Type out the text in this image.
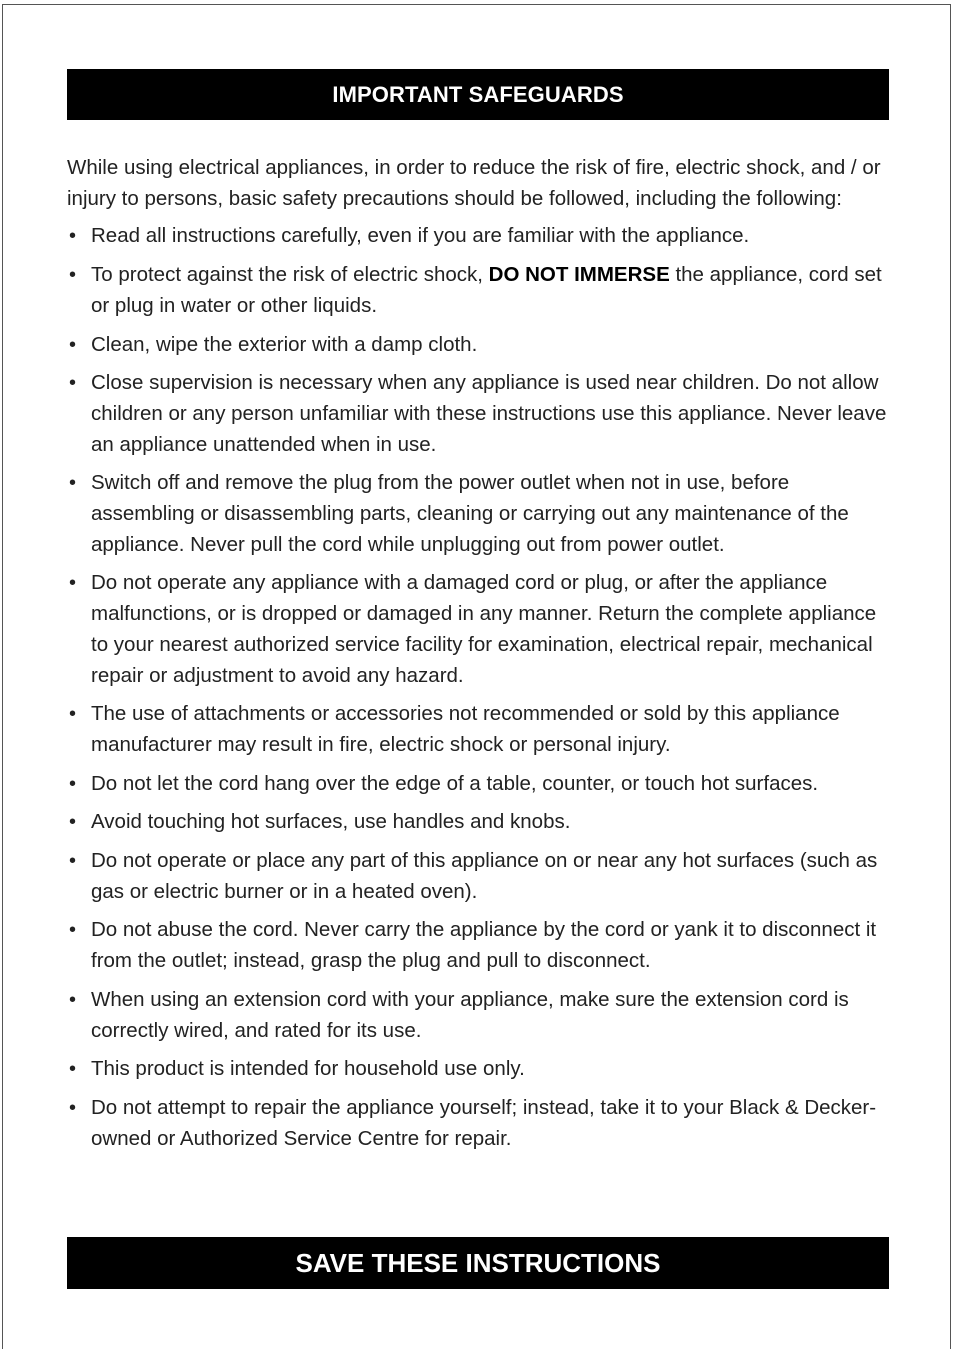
IMPORTANT SAFEGUARDS

While using electrical appliances, in order to reduce the risk of fire, electric shock, and / or injury to persons, basic safety precautions should be followed, including the following:

• Read all instructions carefully, even if you are familiar with the appliance.
• To protect against the risk of electric shock, DO NOT IMMERSE the appliance, cord set or plug in water or other liquids.
• Clean, wipe the exterior with a damp cloth.
• Close supervision is necessary when any appliance is used near children. Do not allow children or any person unfamiliar with these instructions use this appliance. Never leave an appliance unattended when in use.
• Switch off and remove the plug from the power outlet when not in use, before assembling or disassembling parts, cleaning or carrying out any maintenance of the appliance. Never pull the cord while unplugging out from power outlet.
• Do not operate any appliance with a damaged cord or plug, or after the appliance malfunctions, or is dropped or damaged in any manner. Return the complete appliance to your nearest authorized service facility for examination, electrical repair, mechanical repair or adjustment to avoid any hazard.
• The use of attachments or accessories not recommended or sold by this appliance manufacturer may result in fire, electric shock or personal injury.
• Do not let the cord hang over the edge of a table, counter, or touch hot surfaces.
• Avoid touching hot surfaces, use handles and knobs.
• Do not operate or place any part of this appliance on or near any hot surfaces (such as gas or electric burner or in a heated oven).
• Do not abuse the cord. Never carry the appliance by the cord or yank it to disconnect it from the outlet; instead, grasp the plug and pull to disconnect.
• When using an extension cord with your appliance, make sure the extension cord is correctly wired, and rated for its use.
• This product is intended for household use only.
• Do not attempt to repair the appliance yourself; instead, take it to your Black & Decker-owned or Authorized Service Centre for repair.
SAVE THESE INSTRUCTIONS
